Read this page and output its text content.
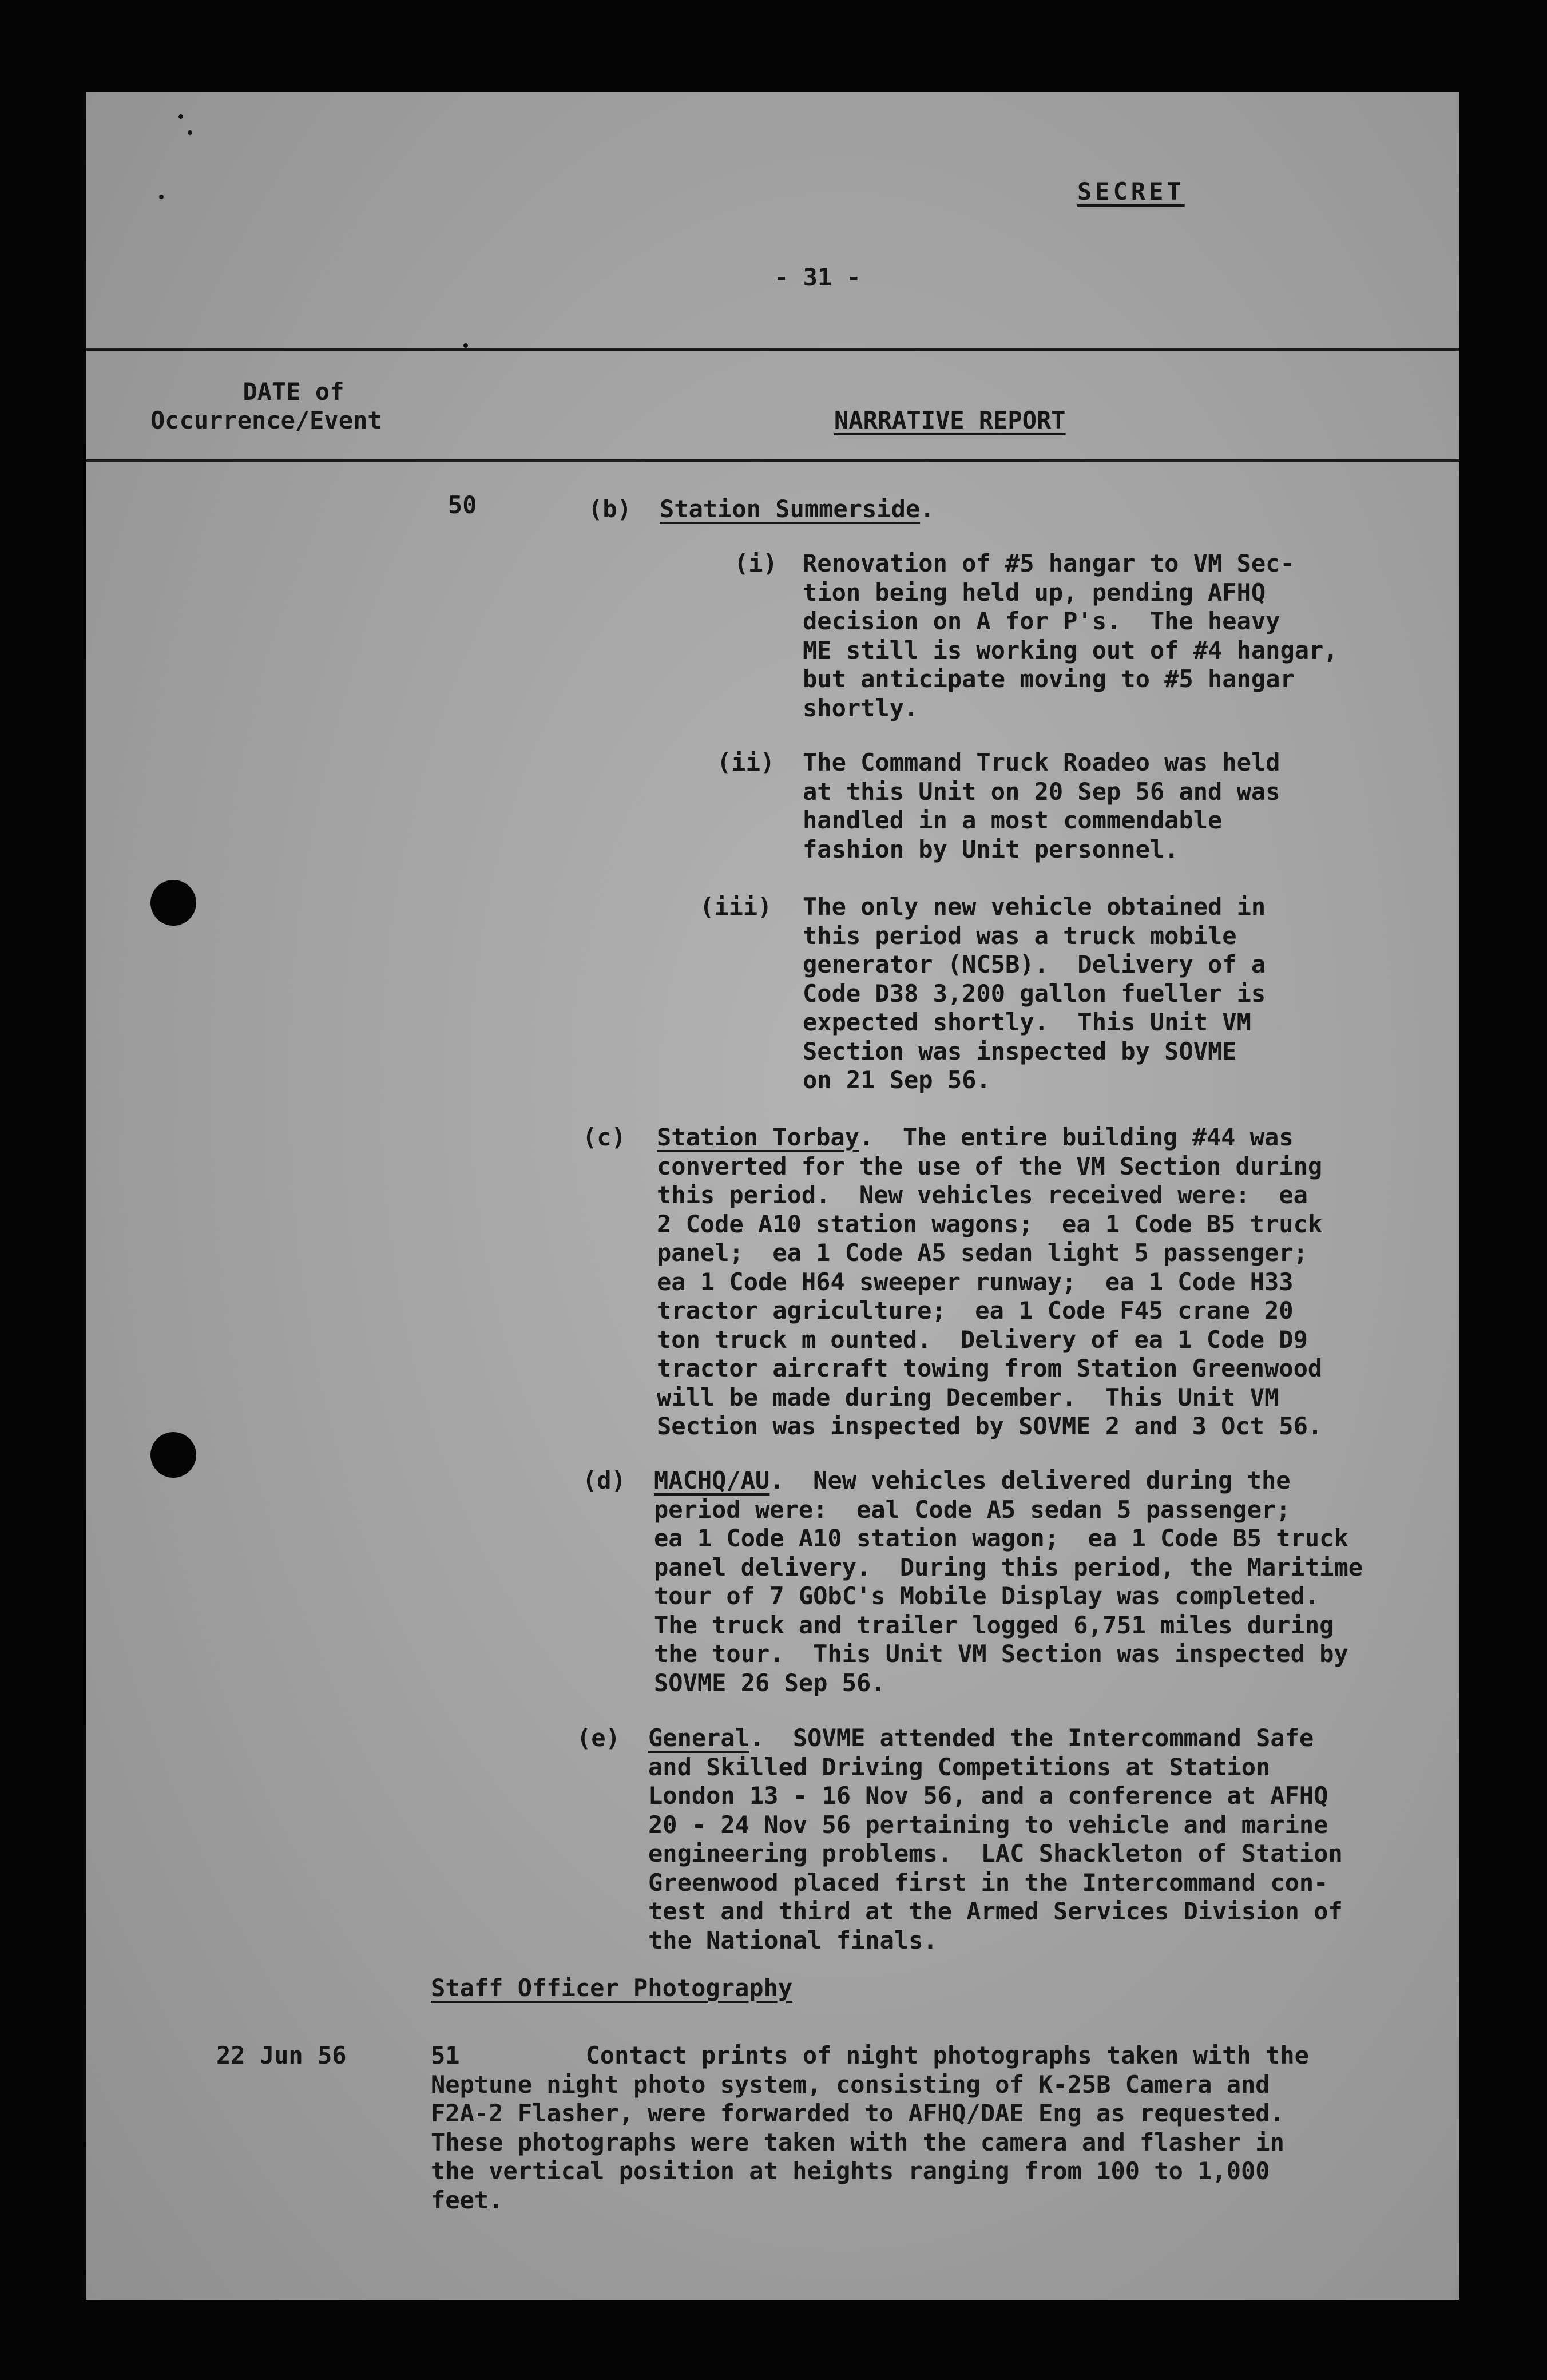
SECRET
- 31 -
DATE of
Occurrence/Event	NARRATIVE REPORT
50	(b) Station Summerside.
(i) Renovation of #5 hangar to VM Sec-
tion being held up, pending AFHQ
decision on A for P's.  The heavy
ME still is working out of #4 hangar,
but anticipate moving to #5 hangar
shortly.
(ii) The Command Truck Roadeo was held
at this Unit on 20 Sep 56 and was
handled in a most commendable
fashion by Unit personnel.
(iii) The only new vehicle obtained in
this period was a truck mobile
generator (NC5B).  Delivery of a
Code D38 3,200 gallon fueller is
expected shortly.  This Unit VM
Section was inspected by SOVME
on 21 Sep 56.
(c) Station Torbay.  The entire building #44 was
converted for the use of the VM Section during
this period.  New vehicles received were:  ea
2 Code A10 station wagons;  ea 1 Code B5 truck
panel;  ea 1 Code A5 sedan light 5 passenger;
ea 1 Code H64 sweeper runway;  ea 1 Code H33
tractor agriculture;  ea 1 Code F45 crane 20
ton truck m ounted.  Delivery of ea 1 Code D9
tractor aircraft towing from Station Greenwood
will be made during December.  This Unit VM
Section was inspected by SOVME 2 and 3 Oct 56.
(d) MACHQ/AU.  New vehicles delivered during the
period were:  eal Code A5 sedan 5 passenger;
ea 1 Code A10 station wagon;  ea 1 Code B5 truck
panel delivery.  During this period, the Maritime
tour of 7 GObC's Mobile Display was completed.
The truck and trailer logged 6,751 miles during
the tour.  This Unit VM Section was inspected by
SOVME 26 Sep 56.
(e) General.  SOVME attended the Intercommand Safe
and Skilled Driving Competitions at Station
London 13 - 16 Nov 56, and a conference at AFHQ
20 - 24 Nov 56 pertaining to vehicle and marine
engineering problems.  LAC Shackleton of Station
Greenwood placed first in the Intercommand con-
test and third at the Armed Services Division of
the National finals.
Staff Officer Photography
22 Jun 56	51	Contact prints of night photographs taken with the
Neptune night photo system, consisting of K-25B Camera and
F2A-2 Flasher, were forwarded to AFHQ/DAE Eng as requested.
These photographs were taken with the camera and flasher in
the vertical position at heights ranging from 100 to 1,000
feet.
